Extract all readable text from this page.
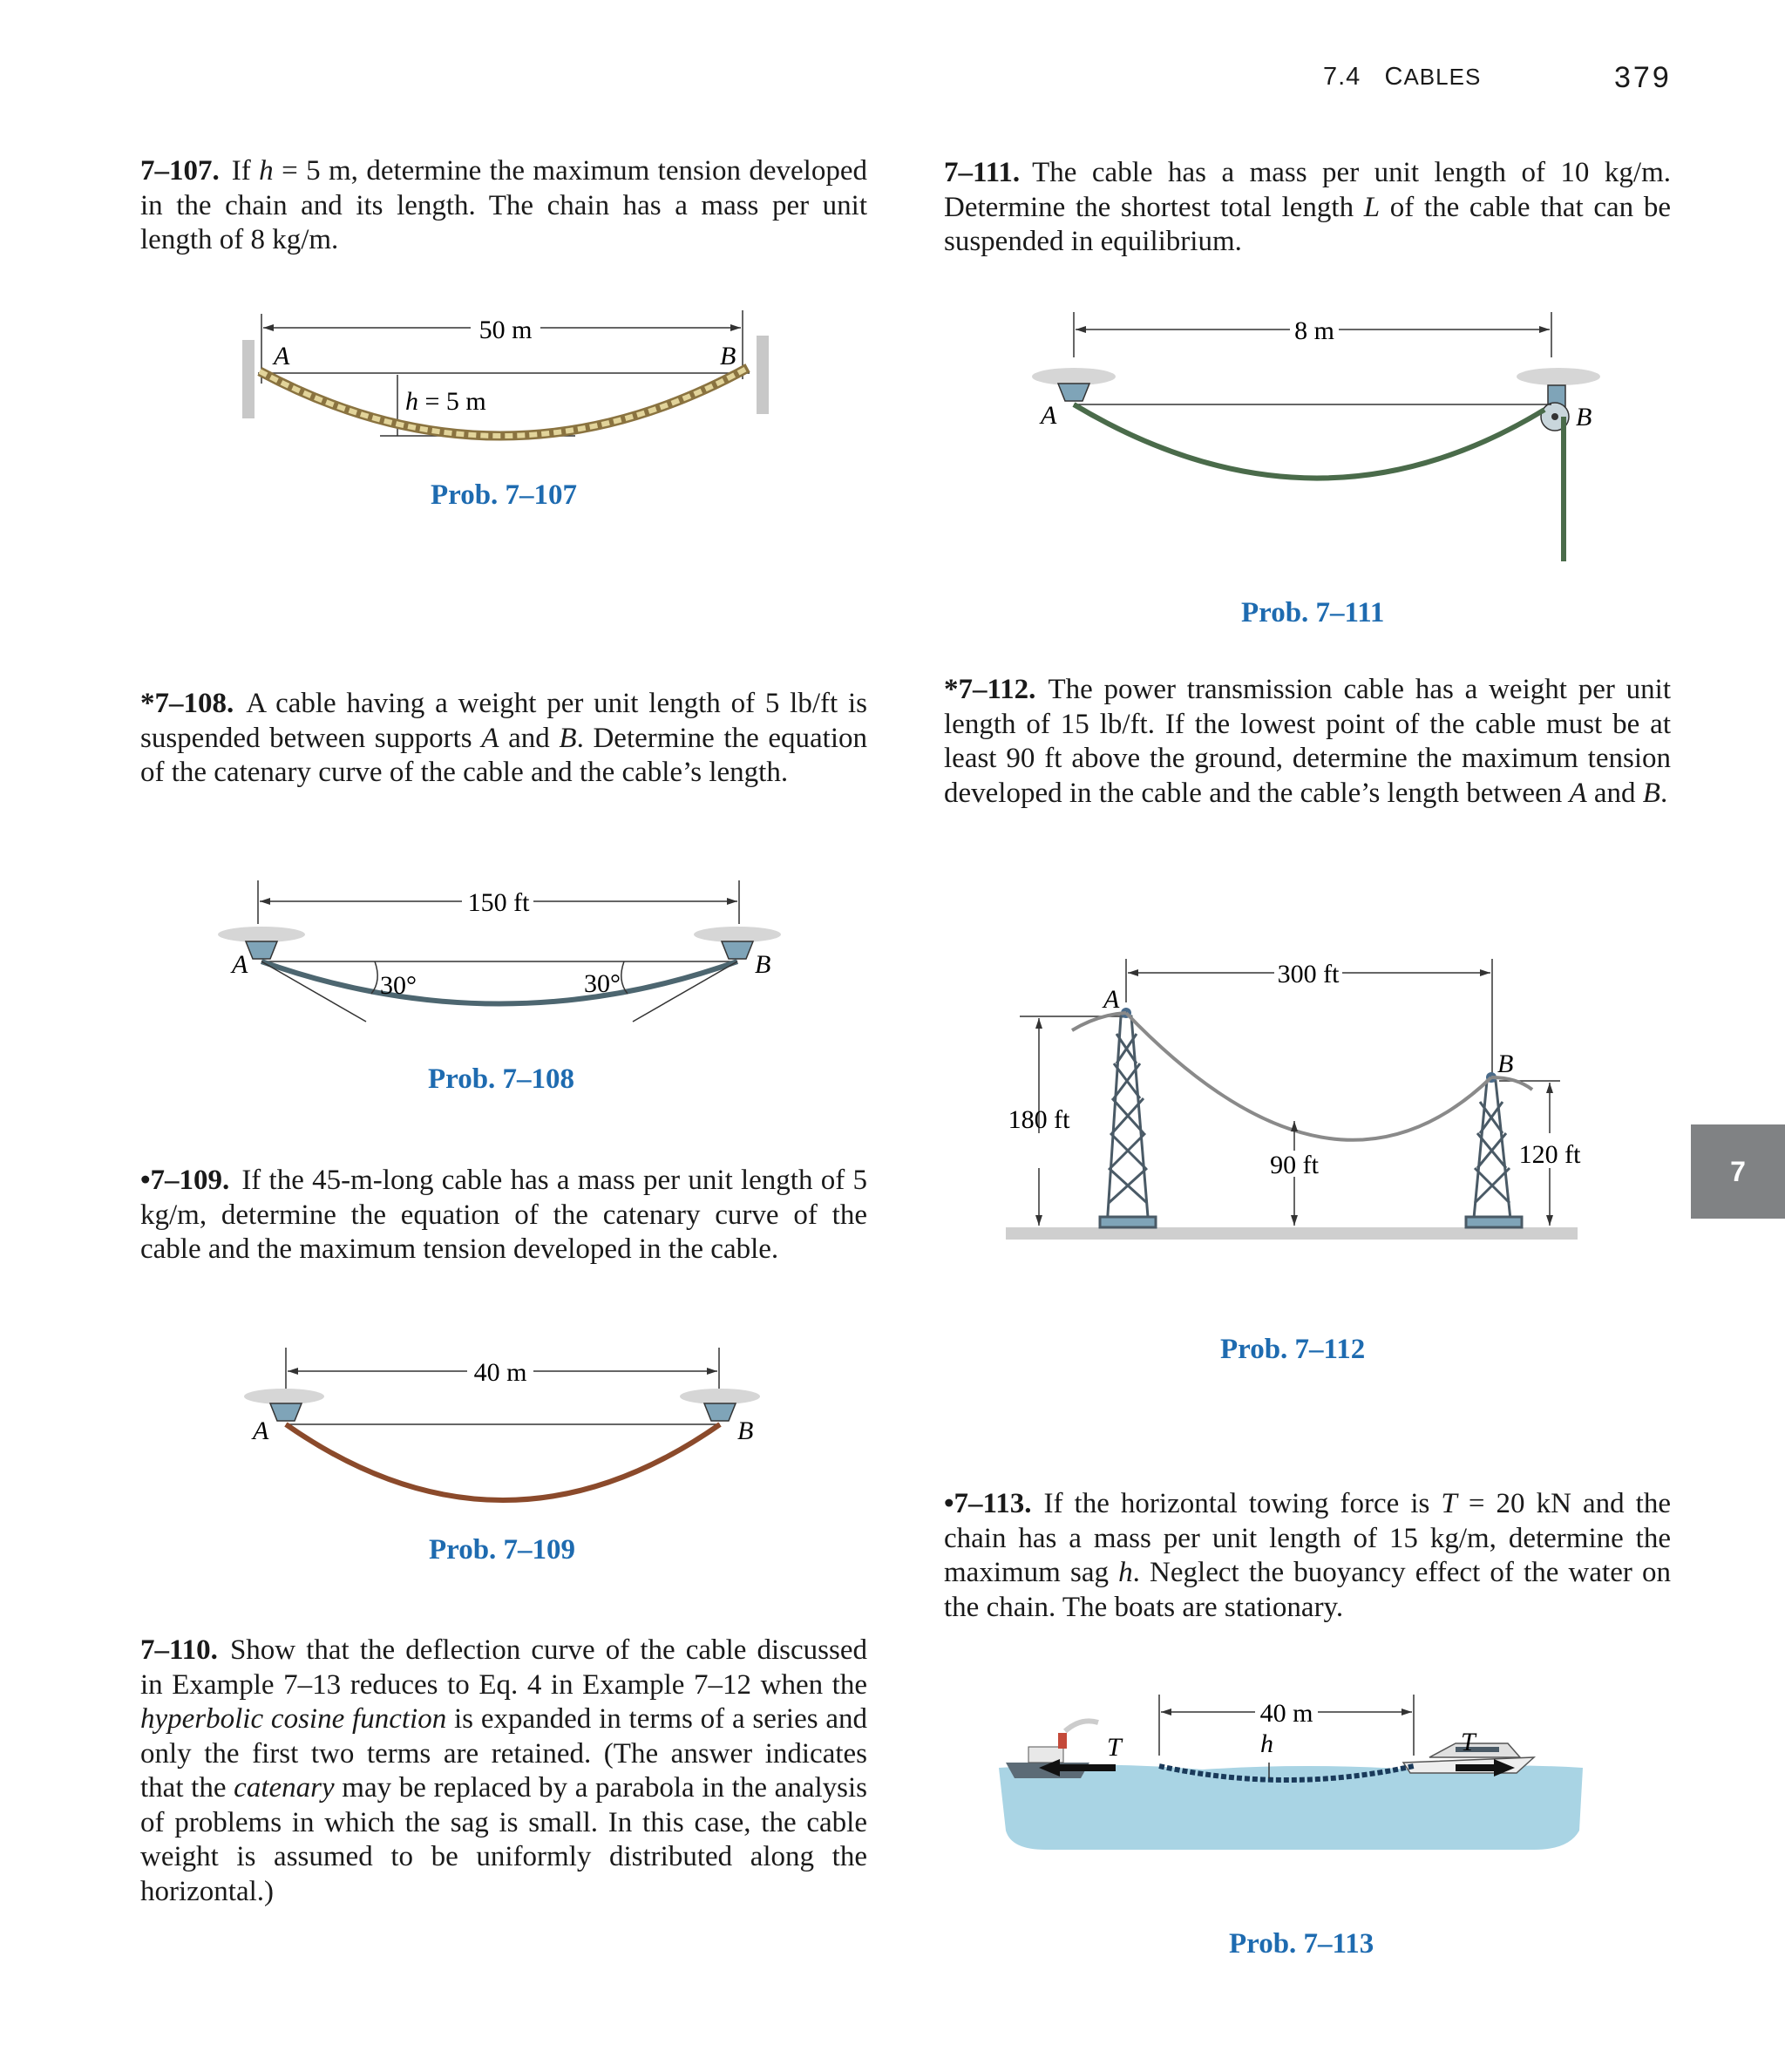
7.4 CABLES	379
7–107. If h = 5 m, determine the maximum tension developed in the chain and its length. The chain has a mass per unit length of 8 kg/m.
50 m
A	B
h = 5 m
Prob. 7–107
*7–108. A cable having a weight per unit length of 5 lb/ft is suspended between supports A and B. Determine the equation of the catenary curve of the cable and the cable’s length.
150 ft
A	B
30°	30°
Prob. 7–108
•7–109. If the 45-m-long cable has a mass per unit length of 5 kg/m, determine the equation of the catenary curve of the cable and the maximum tension developed in the cable.
40 m
A	B
Prob. 7–109
7–110. Show that the deflection curve of the cable discussed in Example 7–13 reduces to Eq. 4 in Example 7–12 when the hyperbolic cosine function is expanded in terms of a series and only the first two terms are retained. (The answer indicates that the catenary may be replaced by a parabola in the analysis of problems in which the sag is small. In this case, the cable weight is assumed to be uniformly distributed along the horizontal.)
7–111. The cable has a mass per unit length of 10 kg/m. Determine the shortest total length L of the cable that can be suspended in equilibrium.
8 m
A	B
Prob. 7–111
*7–112. The power transmission cable has a weight per unit length of 15 lb/ft. If the lowest point of the cable must be at least 90 ft above the ground, determine the maximum tension developed in the cable and the cable’s length between A and B.
300 ft
A
B
180 ft
120 ft
90 ft
Prob. 7–112
•7–113. If the horizontal towing force is T = 20 kN and the chain has a mass per unit length of 15 kg/m, determine the maximum sag h. Neglect the buoyancy effect of the water on the chain. The boats are stationary.
40 m
T	T
h
Prob. 7–113
7
